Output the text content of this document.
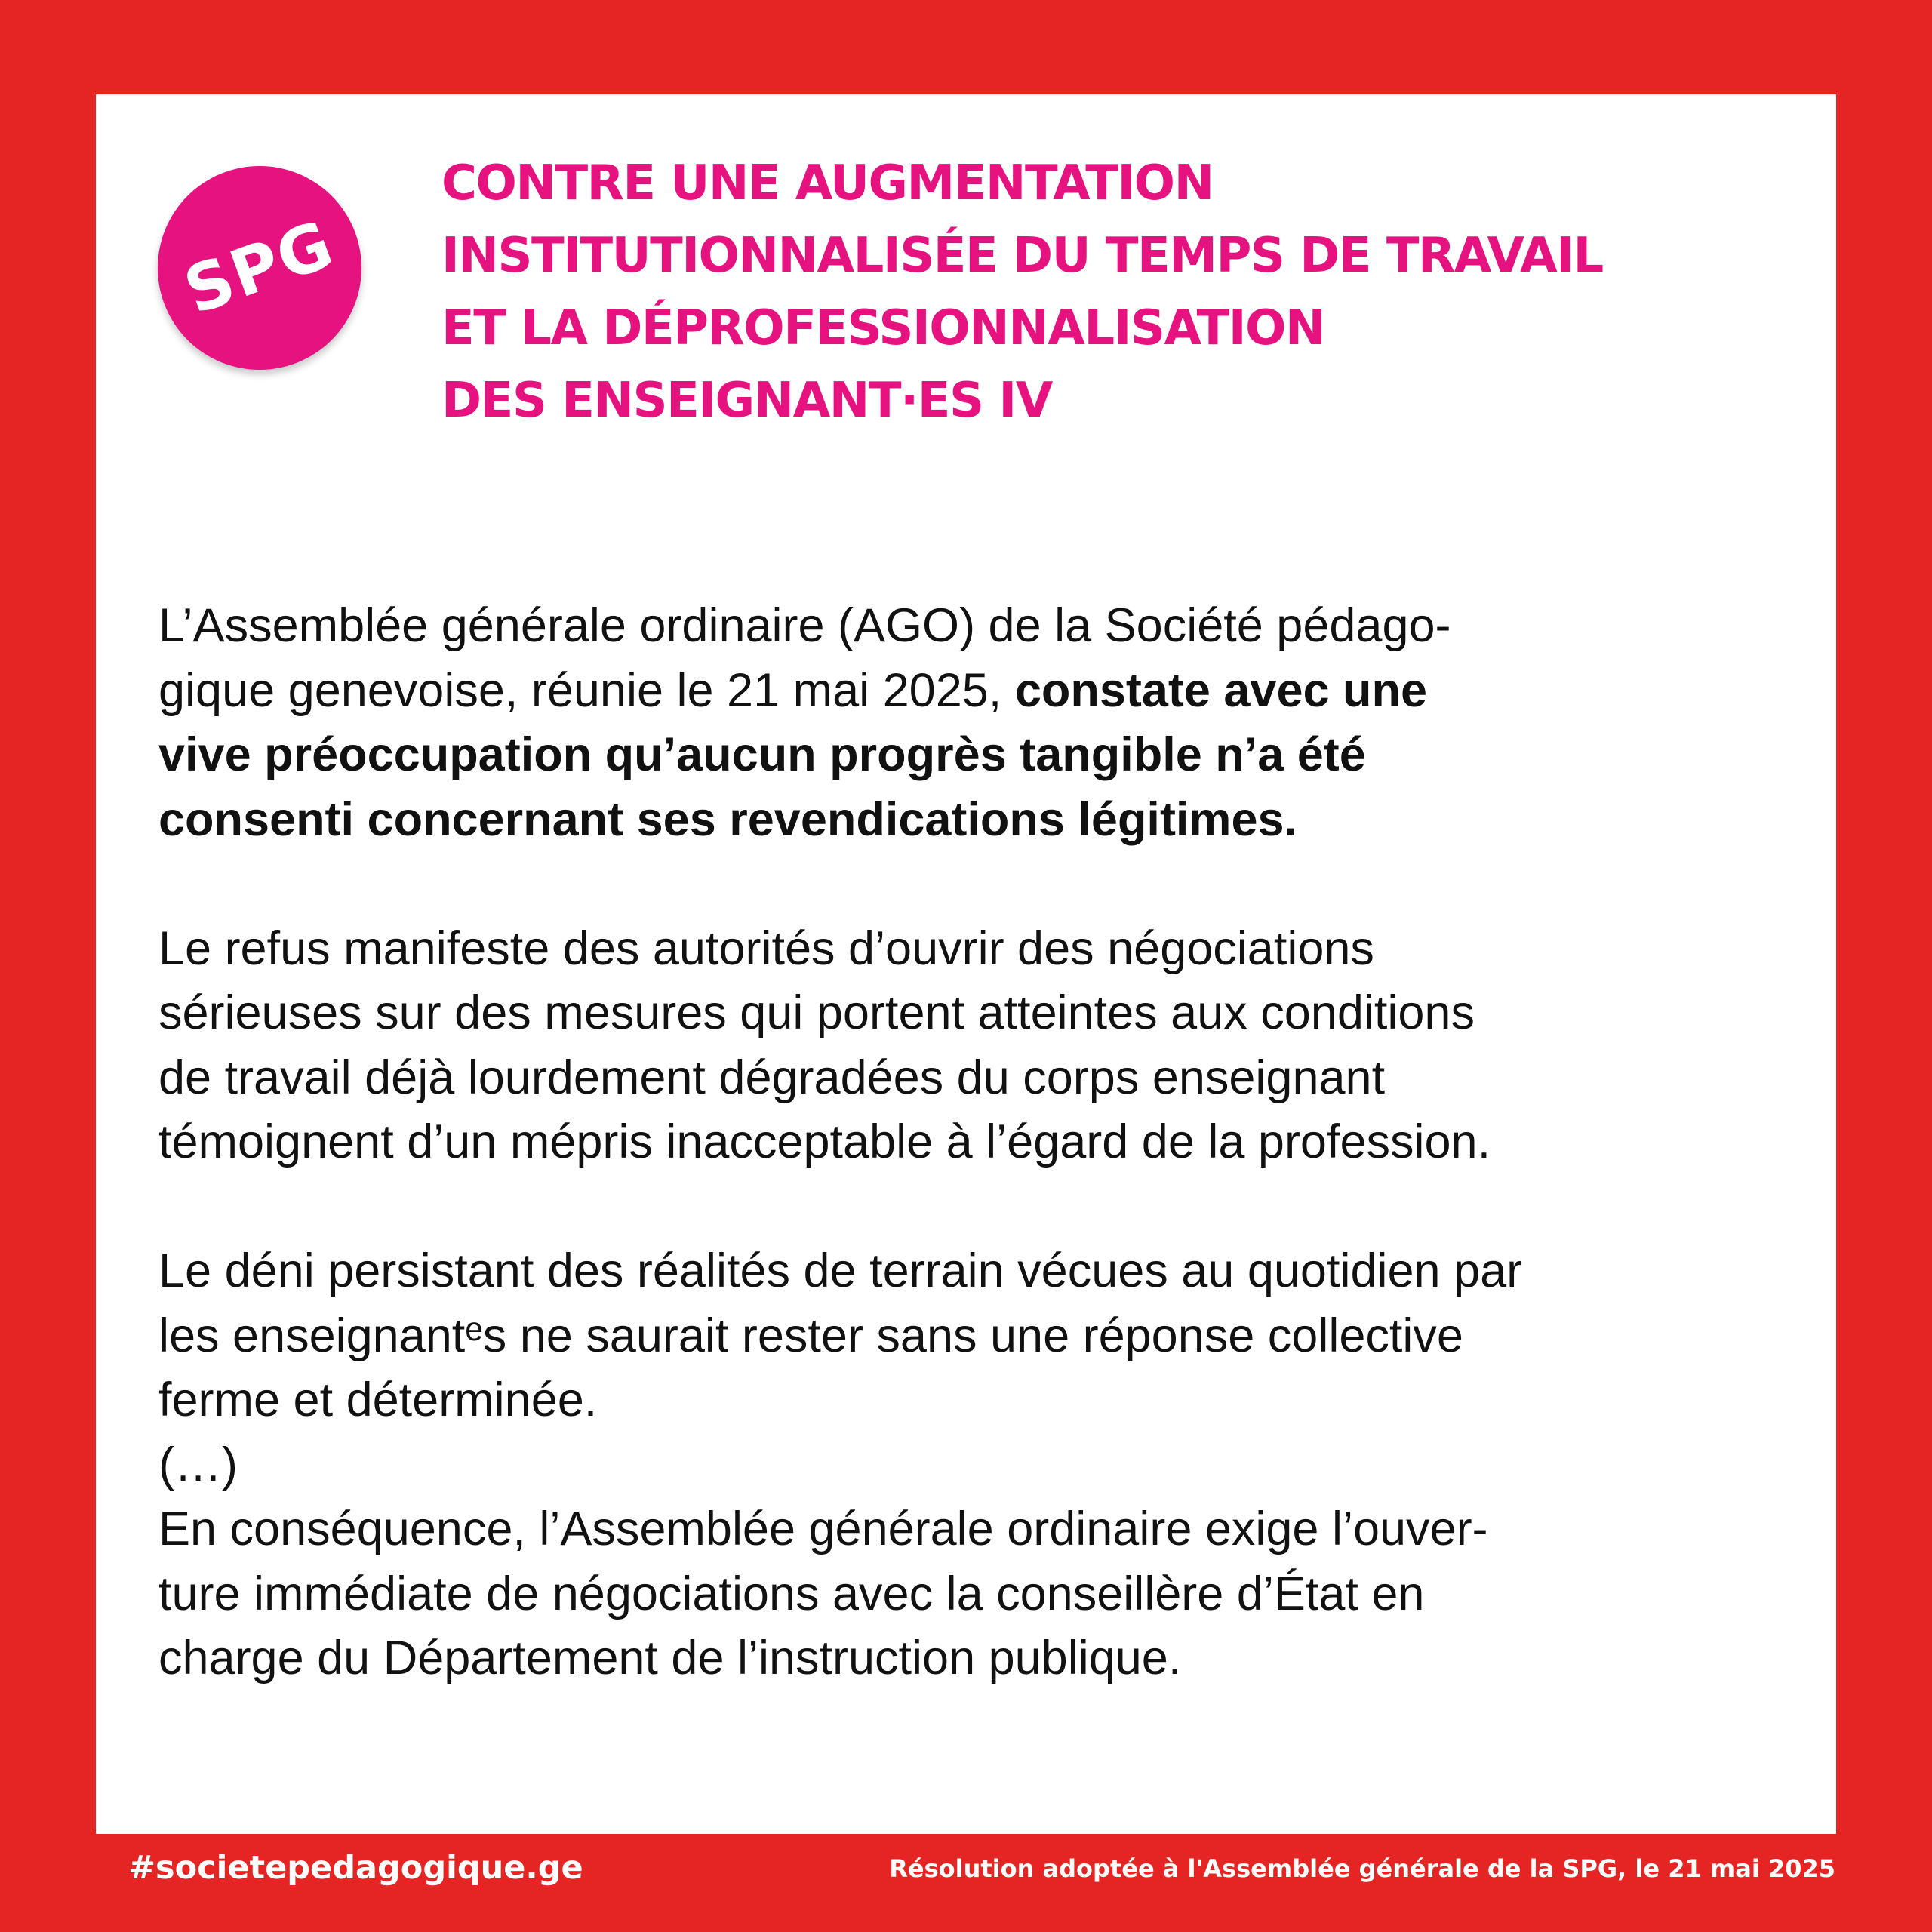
SPG
CONTRE UNE AUGMENTATION
INSTITUTIONNALISÉE DU TEMPS DE TRAVAIL
ET LA DÉPROFESSIONNALISATION
DES ENSEIGNANT·ES IV

L’Assemblée générale ordinaire (AGO) de la Société pédago-
gique genevoise, réunie le 21 mai 2025, constate avec une
vive préoccupation qu’aucun progrès tangible n’a été
consenti concernant ses revendications légitimes.

Le refus manifeste des autorités d’ouvrir des négociations
sérieuses sur des mesures qui portent atteintes aux conditions
de travail déjà lourdement dégradées du corps enseignant
témoignent d’un mépris inacceptable à l’égard de la profession.

Le déni persistant des réalités de terrain vécues au quotidien par
les enseignantᵉs ne saurait rester sans une réponse collective
ferme et déterminée.

(…)

En conséquence, l’Assemblée générale ordinaire exige l’ouver-
ture immédiate de négociations avec la conseillère d’État en
charge du Département de l’instruction publique.

#societepedagogique.ge	Résolution adoptée à l'Assemblée générale de la SPG, le 21 mai 2025
